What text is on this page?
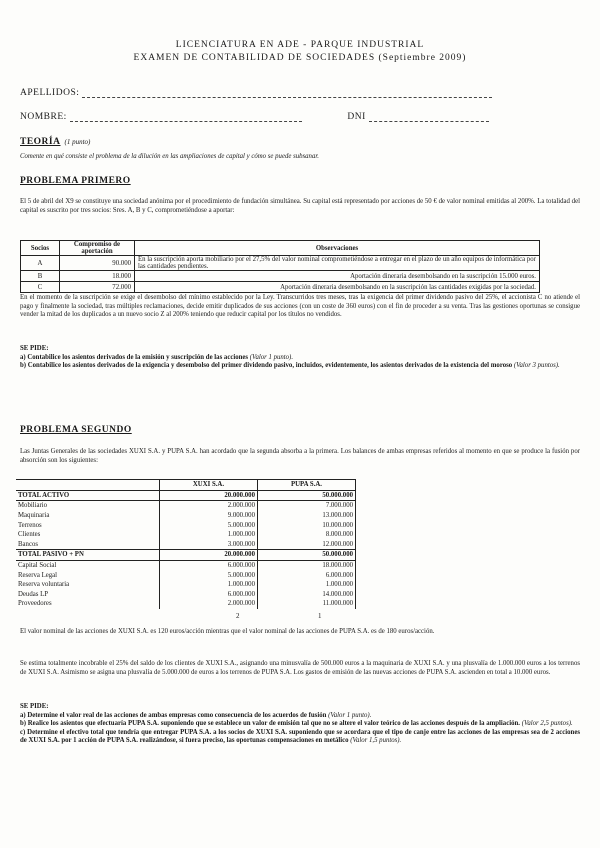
LICENCIATURA EN ADE - PARQUE INDUSTRIAL
EXAMEN DE CONTABILIDAD DE SOCIEDADES (Septiembre 2009)
APELLIDOS:
NOMBRE:	DNI
TEORÍA (1 punto)
Comente en qué consiste el problema de la dilución en las ampliaciones de capital y cómo se puede subsanar.
PROBLEMA PRIMERO
El 5 de abril del X9 se constituye una sociedad anónima por el procedimiento de fundación simultánea. Su capital está representado por acciones de 50 € de valor nominal emitidas al 200%. La totalidad del capital es suscrito por tres socios: Sres. A, B y C, comprometiéndose a aportar:
Socios	Compromiso de aportación	Observaciones
A	90.000	En la suscripción aporta mobiliario por el 27,5% del valor nominal comprometiéndose a entregar en el plazo de un año equipos de informática por las cantidades pendientes.
B	18.000	Aportación dineraria desembolsando en la suscripción 15.000 euros.
C	72.000	Aportación dineraria desembolsando en la suscripción las cantidades exigidas por la sociedad.
En el momento de la suscripción se exige el desembolso del mínimo establecido por la Ley. Transcurridos tres meses, tras la exigencia del primer dividendo pasivo del 25%, el accionista C no atiende el pago y finalmente la sociedad, tras múltiples reclamaciones, decide emitir duplicados de sus acciones (con un coste de 360 euros) con el fin de proceder a su venta. Tras las gestiones oportunas se consigue vender la mitad de los duplicados a un nuevo socio Z al 200% teniendo que reducir capital por los títulos no vendidos.
SE PIDE:
a) Contabilice los asientos derivados de la emisión y suscripción de las acciones (Valor 1 punto).
b) Contabilice los asientos derivados de la exigencia y desembolso del primer dividendo pasivo, incluidos, evidentemente, los asientos derivados de la existencia del moroso (Valor 3 puntos).
PROBLEMA SEGUNDO
Las Juntas Generales de las sociedades XUXI S.A. y PUPA S.A. han acordado que la segunda absorba a la primera. Los balances de ambas empresas referidos al momento en que se produce la fusión por absorción son los siguientes:
	XUXI S.A.	PUPA S.A.
TOTAL ACTIVO	20.000.000	50.000.000
Mobiliario	2.000.000	7.000.000
Maquinaria	9.000.000	13.000.000
Terrenos	5.000.000	10.000.000
Clientes	1.000.000	8.000.000
Bancos	3.000.000	12.000.000
TOTAL PASIVO + PN	20.000.000	50.000.000
Capital Social	6.000.000	18.000.000
Reserva Legal	5.000.000	6.000.000
Reserva voluntaria	1.000.000	1.000.000
Deudas LP	6.000.000	14.000.000
Proveedores	2.000.000	11.000.000
2	1
El valor nominal de las acciones de XUXI S.A. es 120 euros/acción mientras que el valor nominal de las acciones de PUPA S.A. es de 180 euros/acción.
Se estima totalmente incobrable el 25% del saldo de los clientes de XUXI S.A., asignando una minusvalía de 500.000 euros a la maquinaria de XUXI S.A. y una plusvalía de 1.000.000 euros a los terrenos de XUXI S.A. Asimismo se asigna una plusvalía de 5.000.000 de euros a los terrenos de PUPA S.A. Los gastos de emisión de las nuevas acciones de PUPA S.A. ascienden en total a 10.000 euros.
SE PIDE:
a) Determine el valor real de las acciones de ambas empresas como consecuencia de los acuerdos de fusión (Valor 1 punto).
b) Realice los asientos que efectuaría PUPA S.A. suponiendo que se establece un valor de emisión tal que no se altere el valor teórico de las acciones después de la ampliación. (Valor 2,5 puntos).
c) Determine el efectivo total que tendría que entregar PUPA S.A. a los socios de XUXI S.A. suponiendo que se acordara que el tipo de canje entre las acciones de las empresas sea de 2 acciones de XUXI S.A. por 1 acción de PUPA S.A. realizándose, si fuera preciso, las oportunas compensaciones en metálico (Valor 1,5 puntos).
